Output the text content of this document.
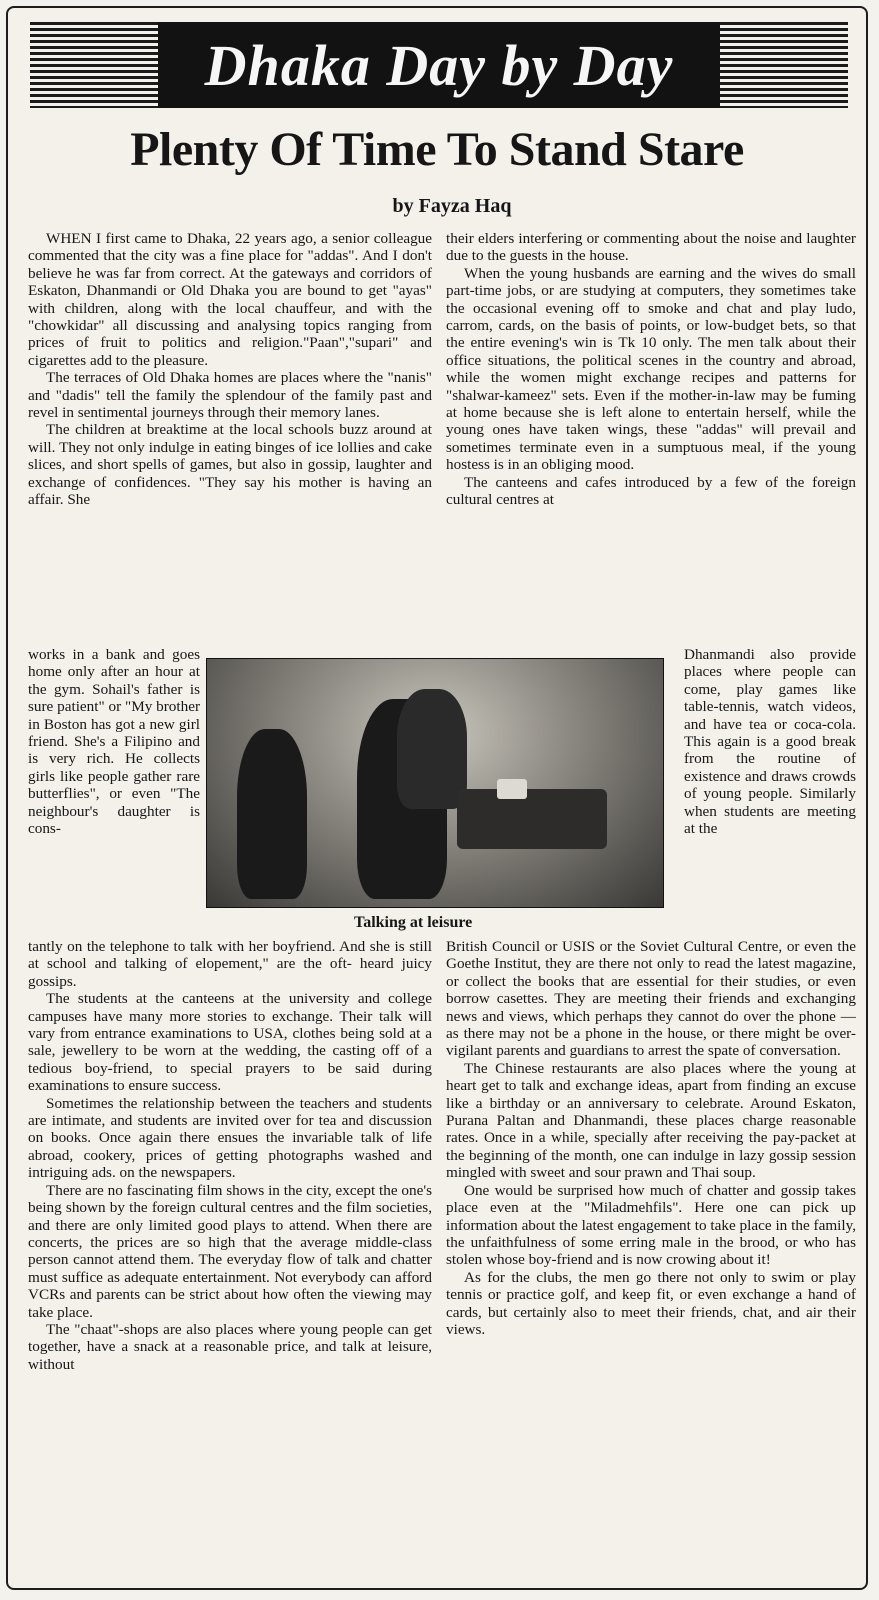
Dhaka Day by Day
Plenty Of Time To Stand Stare
by Fayza Haq

WHEN I first came to Dhaka, 22 years ago, a senior colleague commented that the city was a fine place for "addas". And I don't believe he was far from correct. At the gateways and corridors of Eskaton, Dhanmandi or Old Dhaka you are bound to get "ayas" with children, along with the local chauffeur, and with the "chowkidar" all discussing and analysing topics ranging from prices of fruit to politics and religion."Paan","supari" and cigarettes add to the pleasure.

The terraces of Old Dhaka homes are places where the "nanis" and "dadis" tell the family the splendour of the family past and revel in sentimental journeys through their memory lanes.

The children at breaktime at the local schools buzz around at will. They not only indulge in eating binges of ice lollies and cake slices, and short spells of games, but also in gossip, laughter and exchange of confidences. "They say his mother is having an affair. She

works in a bank and goes home only after an hour at the gym. Sohail's father is sure patient" or "My brother in Boston has got a new girl friend. She's a Filipino and is very rich. He collects girls like people gather rare butterflies", or even "The neighbour's daughter is cons-

Talking at leisure

tantly on the telephone to talk with her boyfriend. And she is still at school and talking of elopement," are the oft- heard juicy gossips.

The students at the canteens at the university and college campuses have many more stories to exchange. Their talk will vary from entrance examinations to USA, clothes being sold at a sale, jewellery to be worn at the wedding, the casting off of a tedious boy-friend, to special prayers to be said during examinations to ensure success.

Sometimes the relationship between the teachers and students are intimate, and students are invited over for tea and discussion on books. Once again there ensues the invariable talk of life abroad, cookery, prices of getting photographs washed and intriguing ads. on the newspapers.

There are no fascinating film shows in the city, except the one's being shown by the foreign cultural centres and the film societies, and there are only limited good plays to attend. When there are concerts, the prices are so high that the average middle-class person cannot attend them. The everyday flow of talk and chatter must suffice as adequate entertainment. Not everybody can afford VCRs and parents can be strict about how often the viewing may take place.

The "chaat"-shops are also places where young people can get together, have a snack at a reasonable price, and talk at leisure, without

their elders interfering or commenting about the noise and laughter due to the guests in the house.

When the young husbands are earning and the wives do small part-time jobs, or are studying at computers, they sometimes take the occasional evening off to smoke and chat and play ludo, carrom, cards, on the basis of points, or low-budget bets, so that the entire evening's win is Tk 10 only. The men talk about their office situations, the political scenes in the country and abroad, while the women might exchange recipes and patterns for "shalwar-kameez" sets. Even if the mother-in-law may be fuming at home because she is left alone to entertain herself, while the young ones have taken wings, these "addas" will prevail and sometimes terminate even in a sumptuous meal, if the young hostess is in an obliging mood.

The canteens and cafes introduced by a few of the foreign cultural centres at

Dhanmandi also provide places where people can come, play games like table-tennis, watch videos, and have tea or coca-cola. This again is a good break from the routine of existence and draws crowds of young people. Similarly when students are meeting at the

British Council or USIS or the Soviet Cultural Centre, or even the Goethe Institut, they are there not only to read the latest magazine, or collect the books that are essential for their studies, or even borrow casettes. They are meeting their friends and exchanging news and views, which perhaps they cannot do over the phone — as there may not be a phone in the house, or there might be over-vigilant parents and guardians to arrest the spate of conversation.

The Chinese restaurants are also places where the young at heart get to talk and exchange ideas, apart from finding an excuse like a birthday or an anniversary to celebrate. Around Eskaton, Purana Paltan and Dhanmandi, these places charge reasonable rates. Once in a while, specially after receiving the pay-packet at the beginning of the month, one can indulge in lazy gossip session mingled with sweet and sour prawn and Thai soup.

One would be surprised how much of chatter and gossip takes place even at the "Miladmehfils". Here one can pick up information about the latest engagement to take place in the family, the unfaithfulness of some erring male in the brood, or who has stolen whose boy-friend and is now crowing about it!

As for the clubs, the men go there not only to swim or play tennis or practice golf, and keep fit, or even exchange a hand of cards, but certainly also to meet their friends, chat, and air their views.
